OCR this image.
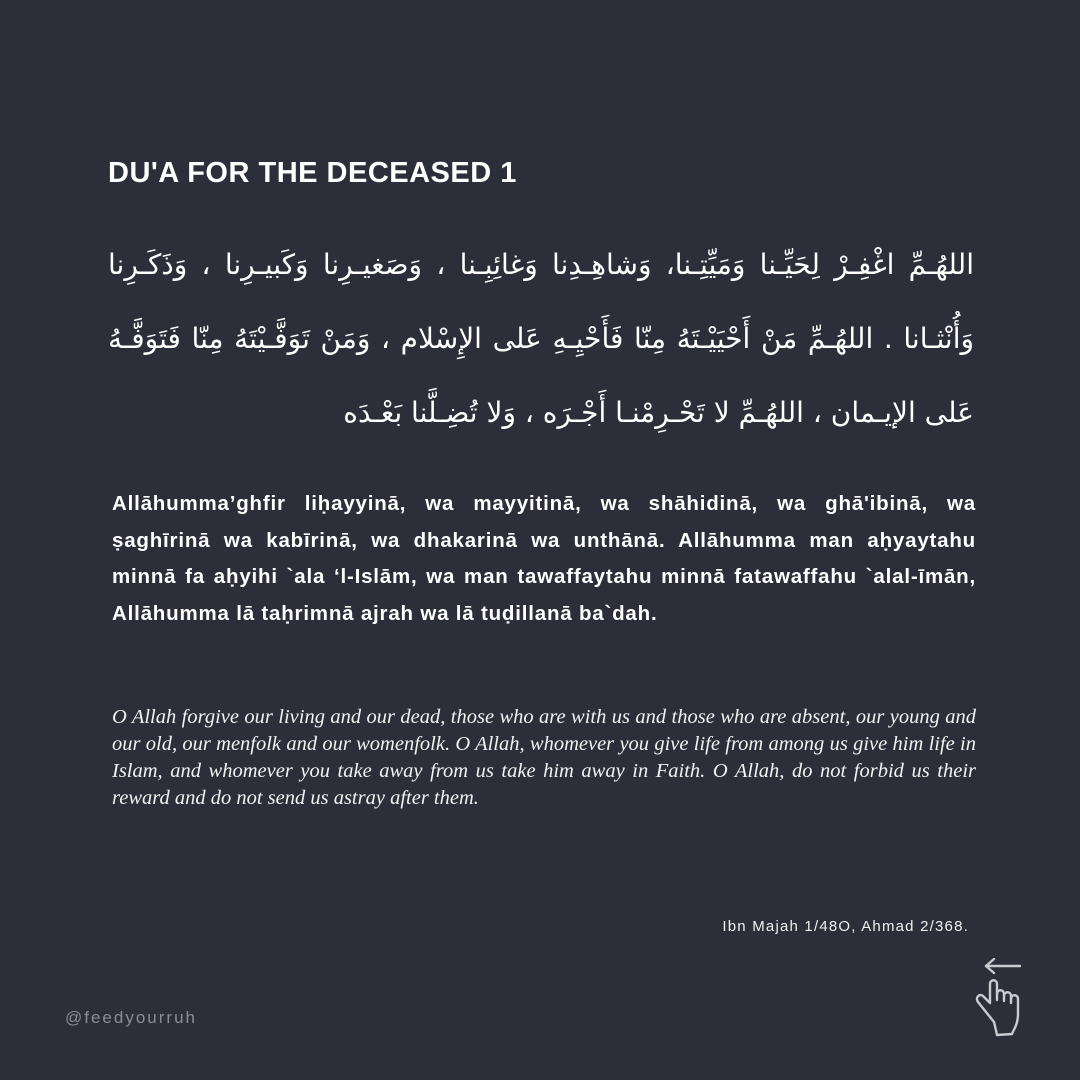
DU'A FOR THE DECEASED 1
اللهُـمِّ اغْفِـرْ لِحَيِّـنا وَمَيِّتِـنا، وَشاهِـدِنا وَغائِبِـنا ، وَصَغيـرِنا وَكَبيـرِنا ، وَذَكَـرِنا وَأُنْثـانا . اللهُـمِّ مَنْ أَحْيَيْـتَهُ مِنّا فَأَحْيِـهِ عَلى الإِسْلام ، وَمَنْ تَوَفَّـيْتَهُ مِنّا فَتَوَفَّـهُ عَلى الإيـمان ، اللهُـمِّ لا تَحْـرِمْنـا أَجْـرَه ، وَلا تُضِـلَّنا بَعْـدَه
Allāhumma’ghfir liḥayyinā, wa mayyitinā, wa shāhidinā, wa ghā'ibinā, wa ṣaghīrinā wa kabīrinā, wa dhakarinā wa unthānā. Allāhumma man aḥyaytahu minnā fa aḥyihi `ala ‘l-Islām, wa man tawaffaytahu minnā fatawaffahu `alal-īmān, Allāhumma lā taḥrimnā ajrah wa lā tuḍillanā ba`dah.
O Allah forgive our living and our dead, those who are with us and those who are absent, our young and our old, our menfolk and our womenfolk. O Allah, whomever you give life from among us give him life in Islam, and whomever you take away from us take him away in Faith. O Allah, do not forbid us their reward and do not send us astray after them.
Ibn Majah 1/48O, Ahmad 2/368.
@feedyourruh
